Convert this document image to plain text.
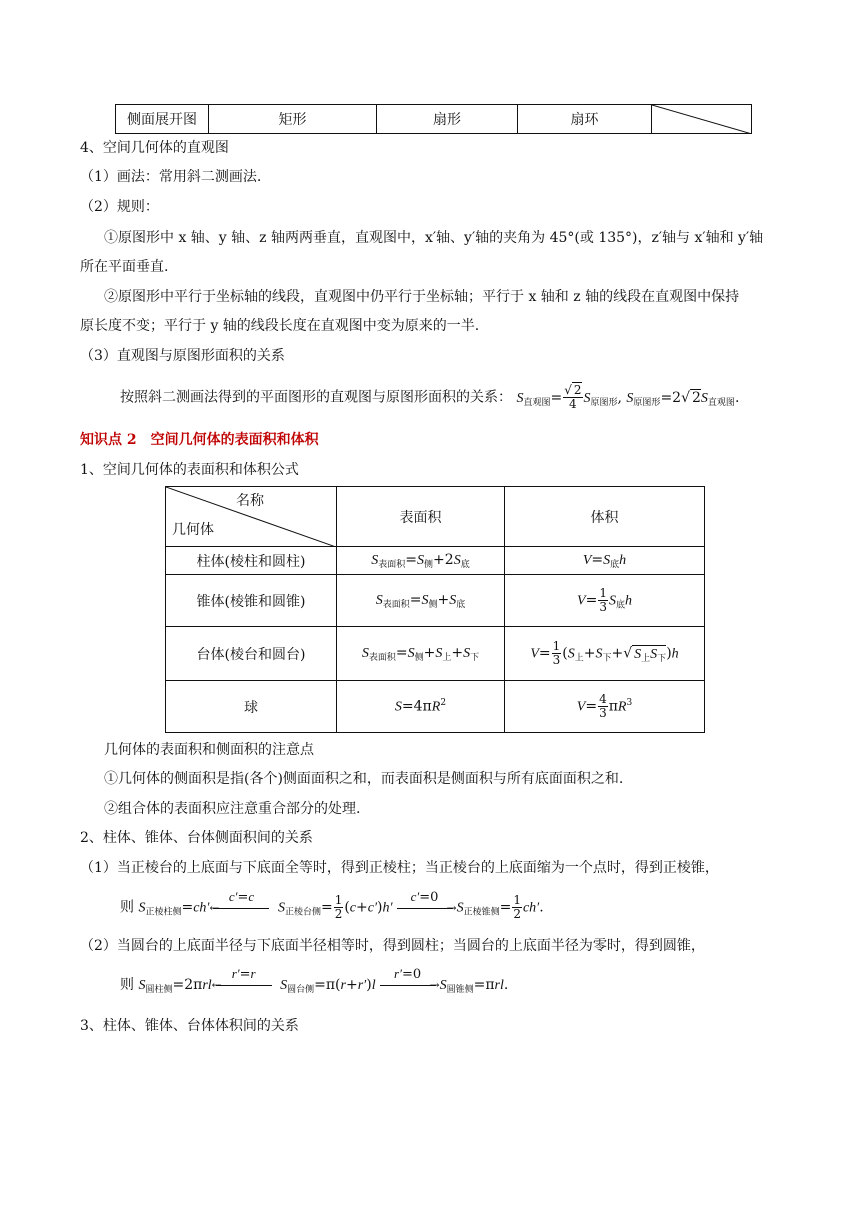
侧面展开图	矩形	扇形	扇环	
4、空间几何体的直观图
（1）画法：常用斜二测画法.
（2）规则：
①原图形中 x 轴、y 轴、z 轴两两垂直，直观图中，x′轴、y′轴的夹角为 45°(或 135°)，z′轴与 x′轴和 y′轴
所在平面垂直.
②原图形中平行于坐标轴的线段，直观图中仍平行于坐标轴；平行于 x 轴和 z 轴的线段在直观图中保持
原长度不变；平行于 y 轴的线段长度在直观图中变为原来的一半.
（3）直观图与原图形面积的关系
按照斜二测画法得到的平面图形的直观图与原图形面积的关系： $S_{直观图}= \frac{√ 2}{4} S_{原图形}$, $S_{原图形}=2√$ $2S_{直观图}$.
知识点 2　空间几何体的表面积和体积
1、空间几何体的表面积和体积公式
名称
几何体	表面积	体积
柱体(棱柱和圆柱)	$S_{表面积}=S_侧+2S_底$	$V=S_底h$
锥体(棱锥和圆锥)	$S_{表面积}=S_侧+S_底$	$V= \frac{1}{3} S_底h$
台体(棱台和圆台)	$S_{表面积}=S_侧+S_上+S_下$	$V= \frac{1}{3} (S_上+S_下+√$ $S_上S_下)h$
球	$S=4\pi R^2$	$V= \frac{4}{3} \pi R^3$
几何体的表面积和侧面积的注意点
①几何体的侧面积是指(各个)侧面面积之和，而表面积是侧面积与所有底面面积之和.
②组合体的表面积应注意重合部分的处理.
2、柱体、锥体、台体侧面积间的关系
（1）当正棱台的上底面与下底面全等时，得到正棱柱；当正棱台的上底面缩为一个点时，得到正棱锥，
则 $S_{正棱柱侧}=ch'$
c′=c
←	$S_{正棱台侧}= \frac{1}{2} (c+c')h'$
c′=0
→ $S_{正棱锥侧}= \frac{1}{2} ch'$.
（2）当圆台的上底面半径与下底面半径相等时，得到圆柱；当圆台的上底面半径为零时，得到圆锥，
则 $S_{圆柱侧}=2\pi rl$
r′=r
←	$S_{圆台侧}=\pi(r+r')l$
r′=0
→ $S_{圆锥侧}=\pi rl$.
3、柱体、锥体、台体体积间的关系
